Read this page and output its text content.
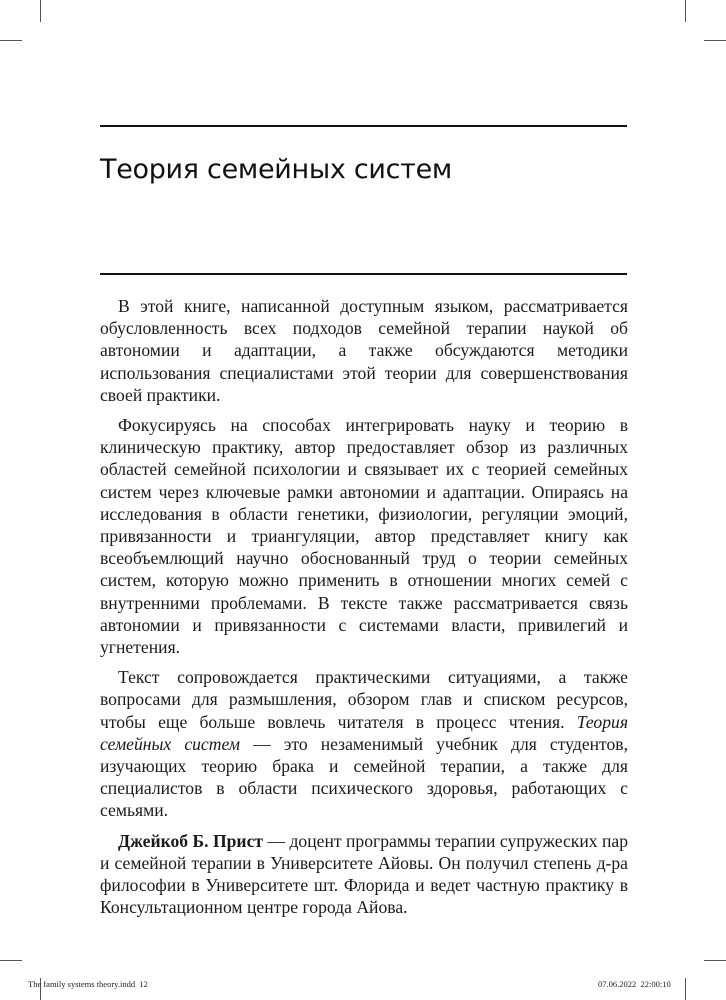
Теория семейных систем

В этой книге, написанной доступным языком, рассматривается обусловленность всех подходов семейной терапии наукой об автономии и адаптации, а также обсуждаются методики использования специалистами этой теории для совершенствования своей практики.

Фокусируясь на способах интегрировать науку и теорию в клиническую практику, автор предоставляет обзор из различных областей семейной психологии и связывает их с теорией семейных систем через ключевые рамки автономии и адаптации. Опираясь на исследования в области генетики, физиологии, регуляции эмоций, привязанности и триангуляции, автор представляет книгу как всеобъемлющий научно обоснованный труд о теории семейных систем, которую можно применить в отношении многих семей с внутренними проблемами. В тексте также рассматривается связь автономии и привязанности с системами власти, привилегий и угнетения.

Текст сопровождается практическими ситуациями, а также вопросами для размышления, обзором глав и списком ресурсов, чтобы еще больше вовлечь читателя в процесс чтения. Теория семейных систем — это незаменимый учебник для студентов, изучающих теорию брака и семейной терапии, а также для специалистов в области психического здоровья, работающих с семьями.

Джейкоб Б. Прист — доцент программы терапии супружеских пар и семейной терапии в Университете Айовы. Он получил степень д-ра философии в Университете шт. Флорида и ведет частную практику в Консультационном центре города Айова.

The family systems theory.indd 12	07.06.2022 22:00:10
